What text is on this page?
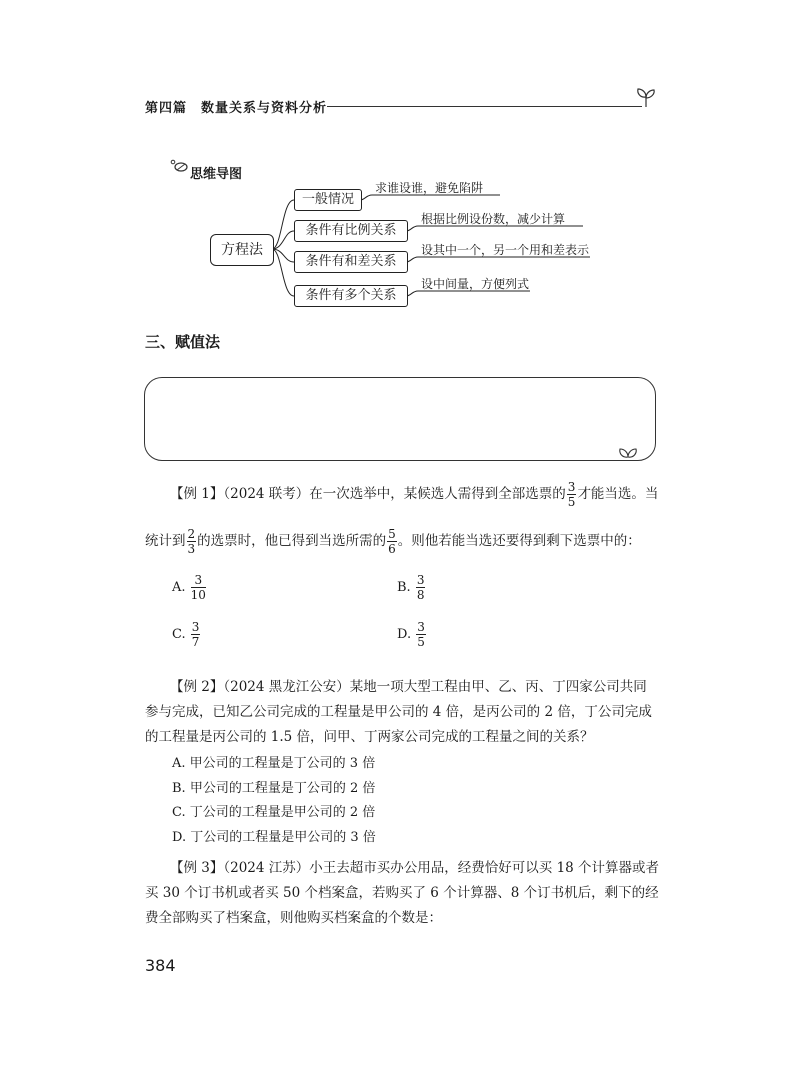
第四篇　数量关系与资料分析
思维导图
方程法
一般情况
条件有比例关系
条件有和差关系
条件有多个关系
求谁设谁，避免陷阱
根据比例设份数，减少计算
设其中一个，另一个用和差表示
设中间量，方便列式
三、赋值法
【例 1】（2024 联考）在一次选举中，某候选人需得到全部选票的 $\frac{3}{5}$ 才能当选。当
统计到 $\frac{2}{3}$ 的选票时，他已得到当选所需的 $\frac{5}{6}$ 。则他若能当选还要得到剩下选票中的：
A. $\frac{3}{10}$	B. $\frac{3}{8}$
C. $\frac{3}{7}$	D. $\frac{3}{5}$
【例 2】（2024 黑龙江公安）某地一项大型工程由甲、乙、丙、丁四家公司共同
参与完成，已知乙公司完成的工程量是甲公司的 4 倍，是丙公司的 2 倍，丁公司完成
的工程量是丙公司的 1.5 倍，问甲、丁两家公司完成的工程量之间的关系？
A. 甲公司的工程量是丁公司的 3 倍
B. 甲公司的工程量是丁公司的 2 倍
C. 丁公司的工程量是甲公司的 2 倍
D. 丁公司的工程量是甲公司的 3 倍
【例 3】（2024 江苏）小王去超市买办公用品，经费恰好可以买 18 个计算器或者
买 30 个订书机或者买 50 个档案盒，若购买了 6 个计算器、8 个订书机后，剩下的经
费全部购买了档案盒，则他购买档案盒的个数是：
384
